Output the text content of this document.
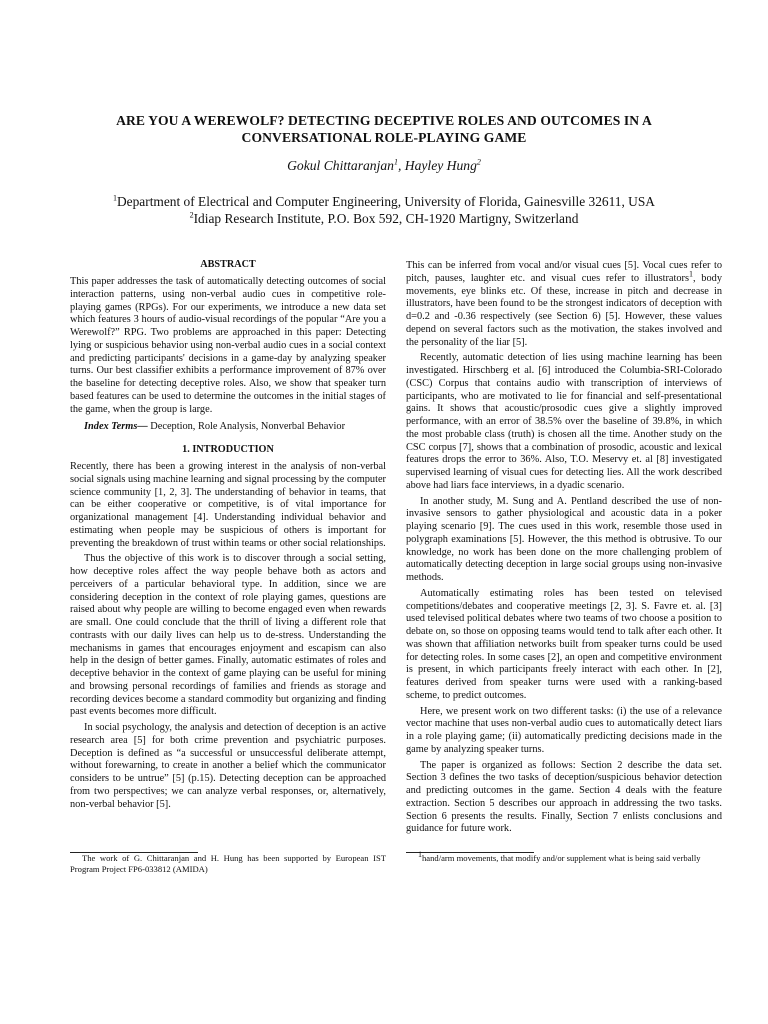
ARE YOU A WEREWOLF? DETECTING DECEPTIVE ROLES AND OUTCOMES IN A CONVERSATIONAL ROLE-PLAYING GAME
Gokul Chittaranjan$^1$, Hayley Hung$^2$
$^1$Department of Electrical and Computer Engineering, University of Florida, Gainesville 32611, USA
$^2$Idiap Research Institute, P.O. Box 592, CH-1920 Martigny, Switzerland
ABSTRACT

This paper addresses the task of automatically detecting outcomes of social interaction patterns, using non-verbal audio cues in competitive role-playing games (RPGs). For our experiments, we introduce a new data set which features 3 hours of audio-visual recordings of the popular “Are you a Werewolf?” RPG. Two problems are approached in this paper: Detecting lying or suspicious behavior using non-verbal audio cues in a social context and predicting participants' decisions in a game-day by analyzing speaker turns. Our best classifier exhibits a performance improvement of 87% over the baseline for detecting deceptive roles. Also, we show that speaker turn based features can be used to determine the outcomes in the initial stages of the game, when the group is large.

Index Terms— Deception, Role Analysis, Nonverbal Behavior

1. INTRODUCTION

Recently, there has been a growing interest in the analysis of non-verbal social signals using machine learning and signal processing by the computer science community [1, 2, 3]. The understanding of behavior in teams, that can be either cooperative or competitive, is of vital importance for organizational management [4]. Understanding individual behavior and estimating when people may be suspicious of others is important for preventing the breakdown of trust within teams or other social relationships.

Thus the objective of this work is to discover through a social setting, how deceptive roles affect the way people behave both as actors and perceivers of a particular behavioral type. In addition, since we are considering deception in the context of role playing games, questions are raised about why people are willing to become engaged even when rewards are small. One could conclude that the thrill of living a different role that contrasts with our daily lives can help us to de-stress. Understanding the mechanisms in games that encourages enjoyment and escapism can also help in the design of better games. Finally, automatic estimates of roles and deceptive behavior in the context of game playing can be useful for mining and browsing personal recordings of families and friends as storage and recording devices become a standard commodity but organizing and finding past events becomes more difficult.

In social psychology, the analysis and detection of deception is an active research area [5] for both crime prevention and psychiatric purposes. Deception is defined as “a successful or unsuccessful deliberate attempt, without forewarning, to create in another a belief which the communicator considers to be untrue” [5] (p.15). Detecting deception can be approached from two perspectives; we can analyze verbal responses, or, alternatively, non-verbal behavior [5].

This can be inferred from vocal and/or visual cues [5]. Vocal cues refer to pitch, pauses, laughter etc. and visual cues refer to illustrators$^1$, body movements, eye blinks etc. Of these, increase in pitch and decrease in illustrators, have been found to be the strongest indicators of deception with d=0.2 and -0.36 respectively (see Section 6) [5]. However, these values depend on several factors such as the motivation, the stakes involved and the personality of the liar [5].

Recently, automatic detection of lies using machine learning has been investigated. Hirschberg et al. [6] introduced the Columbia-SRI-Colorado (CSC) Corpus that contains audio with transcription of interviews of participants, who are motivated to lie for financial and self-presentational gains. It shows that acoustic/prosodic cues give a slightly improved performance, with an error of 38.5% over the baseline of 39.8%, in which the most probable class (truth) is chosen all the time. Another study on the CSC corpus [7], shows that a combination of prosodic, acoustic and lexical features drops the error to 36%. Also, T.O. Meservy et. al [8] investigated supervised learning of visual cues for detecting lies. All the work described above had liars face interviews, in a dyadic scenario.

In another study, M. Sung and A. Pentland described the use of non-invasive sensors to gather physiological and acoustic data in a poker playing scenario [9]. The cues used in this work, resemble those used in polygraph examinations [5]. However, the this method is obtrusive. To our knowledge, no work has been done on the more challenging problem of automatically detecting deception in large social groups using non-invasive methods.

Automatically estimating roles has been tested on televised competitions/debates and cooperative meetings [2, 3]. S. Favre et. al. [3] used televised political debates where two teams of two choose a position to debate on, so those on opposing teams would tend to talk after each other. It was shown that affiliation networks built from speaker turns could be used for detecting roles. In some cases [2], an open and competitive environment is present, in which participants freely interact with each other. In [2], features derived from speaker turns were used with a ranking-based scheme, to predict outcomes.

Here, we present work on two different tasks: (i) the use of a relevance vector machine that uses non-verbal audio cues to automatically detect liars in a role playing game; (ii) automatically predicting decisions made in the game by analyzing speaker turns.

The paper is organized as follows: Section 2 describe the data set. Section 3 defines the two tasks of deception/suspicious behavior detection and predicting outcomes in the game. Section 4 deals with the feature extraction. Section 5 describes our approach in addressing the two tasks. Section 6 presents the results. Finally, Section 7 enlists conclusions and guidance for future work.

The work of G. Chittaranjan and H. Hung has been supported by European IST Program Project FP6-033812 (AMIDA)

$^1$hand/arm movements, that modify and/or supplement what is being said verbally
